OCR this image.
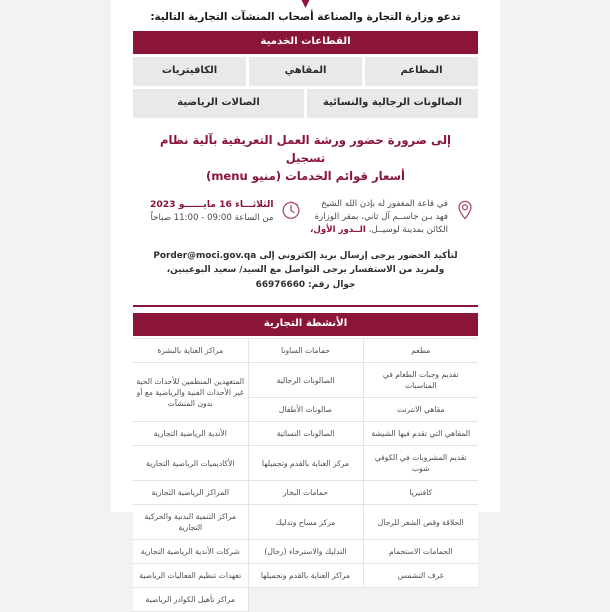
تدعو وزارة التجارة والصناعة أصحاب المنشآت التجارية التالية:
القطاعات الخدمية
المطاعم
المقاهي
الكافيتريات
الصالونات الرجالية والنسائية
الصالات الرياضية
إلى ضرورة حضور ورشة العمل التعريفية بآلية نظام تسجيل
أسعار قوائم الخدمات (منيو menu)
في قاعة المغفور له بإذن الله الشيخ
فهد بـن جاســم آل ثاني، بمقر الوزارة
الكائن بمدينة لوسيــل، الــدور الأول،
الثلاثـــاء 16 مايــــــو 2023
من الساعة 09:00 - 11:00 صباحاً
لتأكيد الحضور يرجى إرسال بريد إلكتروني إلى Porder@moci.gov.qa
ولمزيد من الاستفسار يرجى التواصل مع السيد/ سعيد البوعينين،
جوال رقم: 66976660
الأنشطة التجارية
مطعم	حمامات الساونا	مراكز العناية بالبشرة
تقديم وجبات الطعام في المناسبات	الصالونات الرجالية	المتعهدين المنظمين للأحداث الحية غير الأحداث الفنية والرياضية مع أو بدون المنشآت
مقاهي الانترنت	صالونات الأطفال	
المقاهي التي تقدم فيها الشيشة	الصالونات النسائية	الأندية الرياضية التجارية
تقديم المشروبات في الكوفي شوب	مركز العناية بالقدم وتجميلها	الأكاديميات الرياضية التجارية
كافتيريا	حمامات البخار	المراكز الرياضية التجارية
الحلاقة وقص الشعر للرجال	مركز مساج وتدليك	مراكز التنمية البدنية والحركية التجارية
الحمامات الاستحمام	التدليك والاسترخاء (رجال)	شركات الأندية الرياضية التجارية
غرف التشمس	مراكز العناية بالقدم وتجميلها	تعهدات تنظيم الفعاليات الرياضية
		مراكز تأهيل الكوادر الرياضية
